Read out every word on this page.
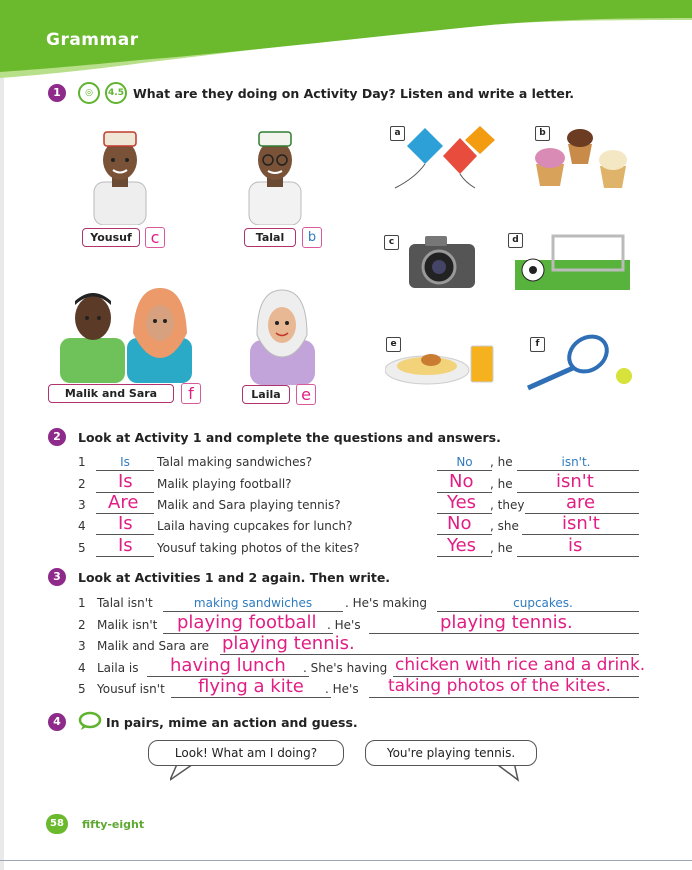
Grammar	Lesson 3, part 2
1	◎	4.5 What are they doing on Activity Day? Listen and write a letter.
Yousuf	c	Talal	b
Malik and Sara	f	Laila	e
a	b
c	d
e	f
2	Look at Activity 1 and complete the questions and answers.
1	Is	Talal making sandwiches?	No	, he	isn't.
2 Is Malik playing football?	No , he isn't
3 Are Malik and Sara playing tennis?	Yes , they are
4 Is Laila having cupcakes for lunch?	No , she isn't
5 Is Yousuf taking photos of the kites?	Yes , he	is
3	Look at Activities 1 and 2 again. Then write.
1 Talal isn't	making sandwiches	. He's making	cupcakes.
2 Malik isn't playing football . He's	playing tennis.
3 Malik and Sara are playing tennis.
4 Laila is having lunch . She's having chicken with rice and a drink.
5 Yousuf isn't flying a kite . He's taking photos of the kites.
4	In pairs, mime an action and guess.
Look! What am I doing?	You're playing tennis.
58	fifty-eight
